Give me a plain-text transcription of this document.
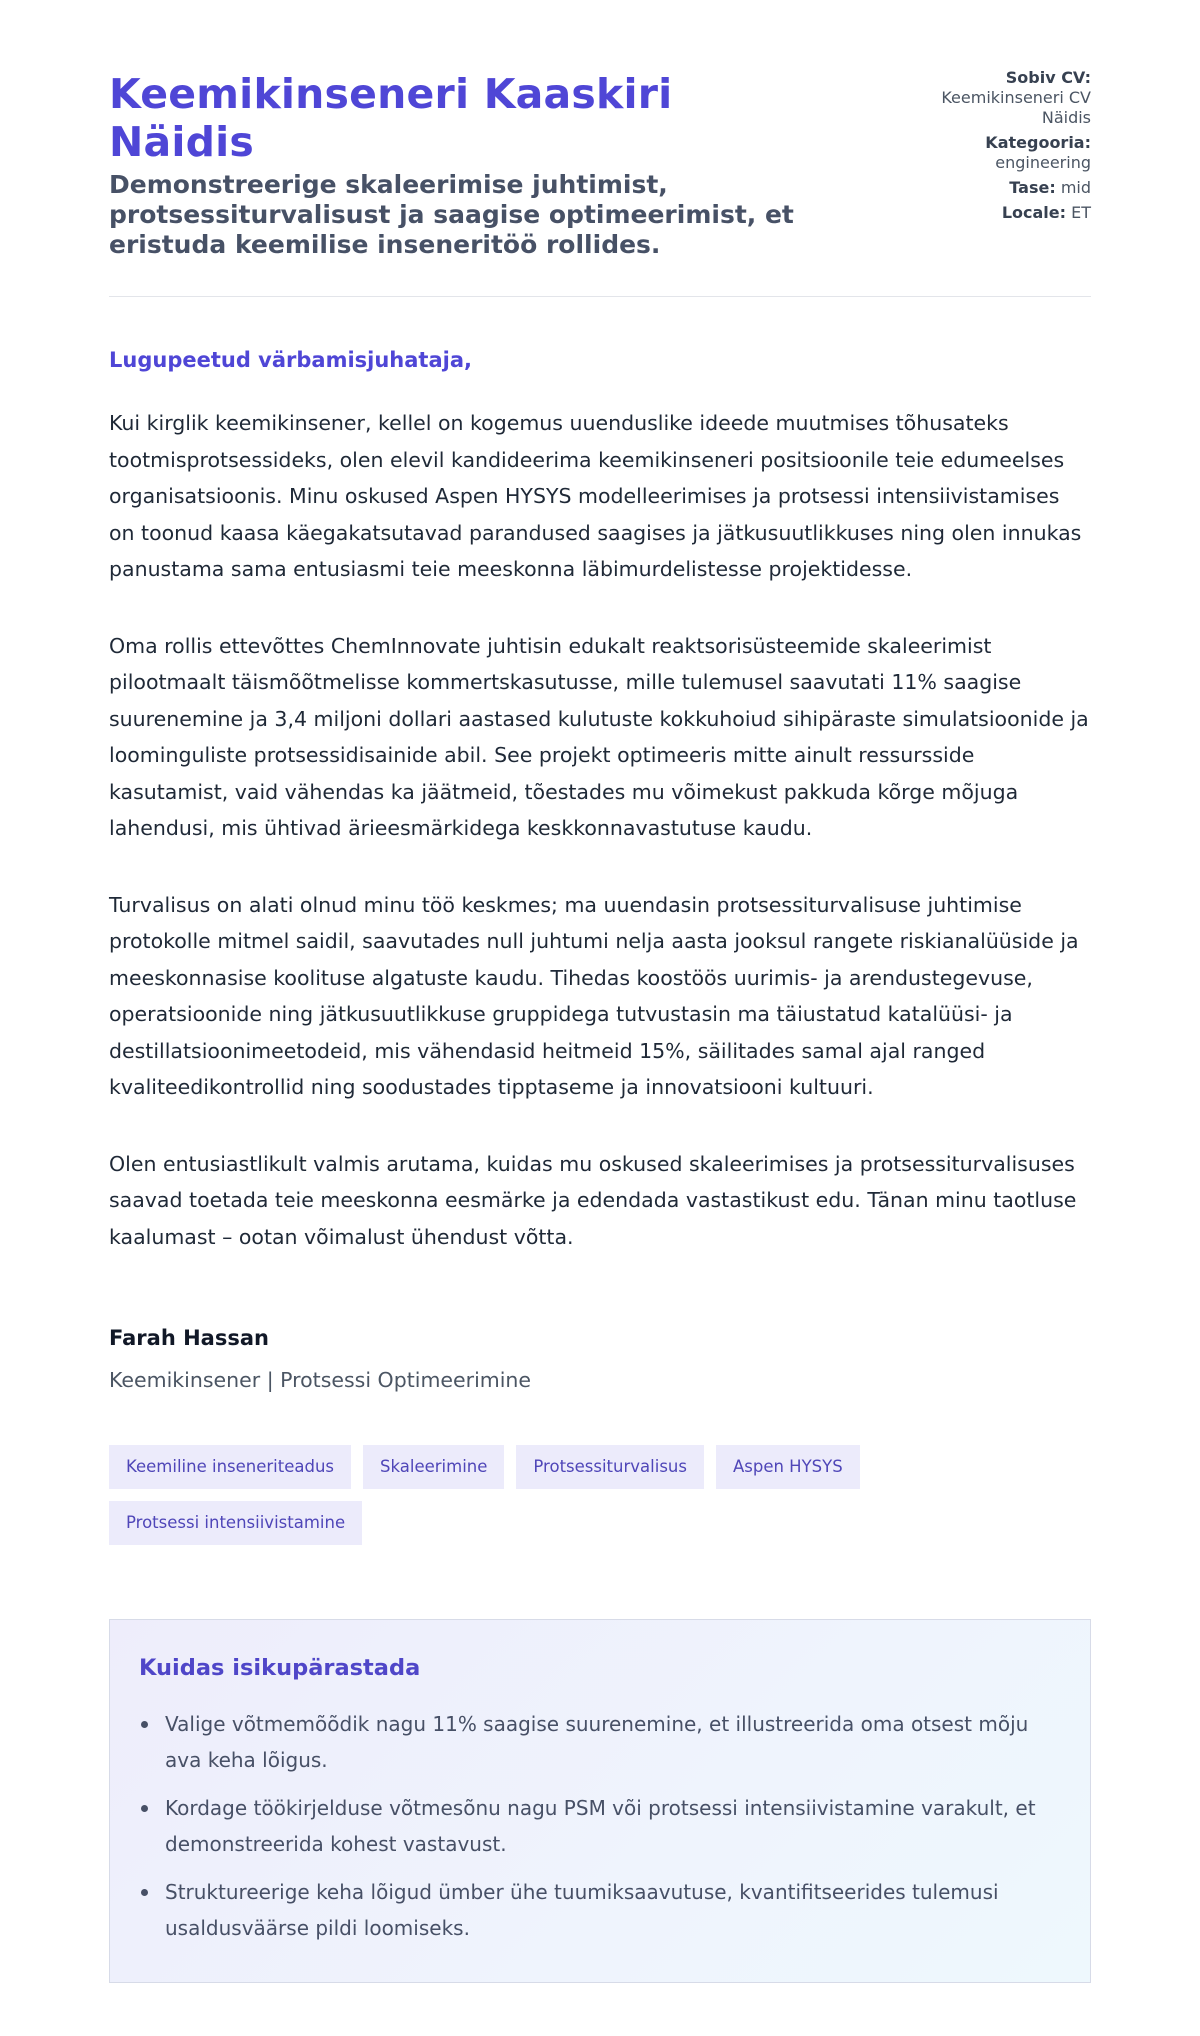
Keemikinseneri Kaaskiri Näidis

Demonstreerige skaleerimise juhtimist, protsessiturvalisust ja saagise optimeerimist, et eristuda keemilise inseneritöö rollides.

Sobiv CV:
Keemikinseneri CV Näidis
Kategooria:
engineering
Tase: mid
Locale: ET

Lugupeetud värbamisjuhataja,

Kui kirglik keemikinsener, kellel on kogemus uuenduslike ideede muutmises tõhusateks tootmisprotsessideks, olen elevil kandideerima keemikinseneri positsioonile teie edumeelses organisatsioonis. Minu oskused Aspen HYSYS modelleerimises ja protsessi intensiivistamises on toonud kaasa käegakatsutavad parandused saagises ja jätkusuutlikkuses ning olen innukas panustama sama entusiasmi teie meeskonna läbimurdelistesse projektidesse.

Oma rollis ettevõttes ChemInnovate juhtisin edukalt reaktsorisüsteemide skaleerimist pilootmaalt täismõõtmelisse kommertskasutusse, mille tulemusel saavutati 11% saagise suurenemine ja 3,4 miljoni dollari aastased kulutuste kokkuhoiud sihipäraste simulatsioonide ja loominguliste protsessidisainide abil. See projekt optimeeris mitte ainult ressursside kasutamist, vaid vähendas ka jäätmeid, tõestades mu võimekust pakkuda kõrge mõjuga lahendusi, mis ühtivad ärieesmärkidega keskkonnavastutuse kaudu.

Turvalisus on alati olnud minu töö keskmes; ma uuendasin protsessiturvalisuse juhtimise protokolle mitmel saidil, saavutades null juhtumi nelja aasta jooksul rangete riskianalüüside ja meeskonnasise koolituse algatuste kaudu. Tihedas koostöös uurimis- ja arendustegevuse, operatsioonide ning jätkusuutlikkuse gruppidega tutvustasin ma täiustatud katalüüsi- ja destillatsioonimeetodeid, mis vähendasid heitmeid 15%, säilitades samal ajal ranged kvaliteedikontrollid ning soodustades tipptaseme ja innovatsiooni kultuuri.

Olen entusiastlikult valmis arutama, kuidas mu oskused skaleerimises ja protsessiturvalisuses saavad toetada teie meeskonna eesmärke ja edendada vastastikust edu. Tänan minu taotluse kaalumast – ootan võimalust ühendust võtta.

Farah Hassan
Keemikinsener | Protsessi Optimeerimine
Keemiline inseneriteadus	Skaleerimine	Protsessiturvalisus	Aspen HYSYS
Protsessi intensiivistamine
Kuidas isikupärastada
Valige võtmemõõdik nagu 11% saagise suurenemine, et illustreerida oma otsest mõju ava keha lõigus.
Kordage töökirjelduse võtmesõnu nagu PSM või protsessi intensiivistamine varakult, et demonstreerida kohest vastavust.
Struktureerige keha lõigud ümber ühe tuumiksaavutuse, kvantifitseerides tulemusi usaldusväärse pildi loomiseks.
